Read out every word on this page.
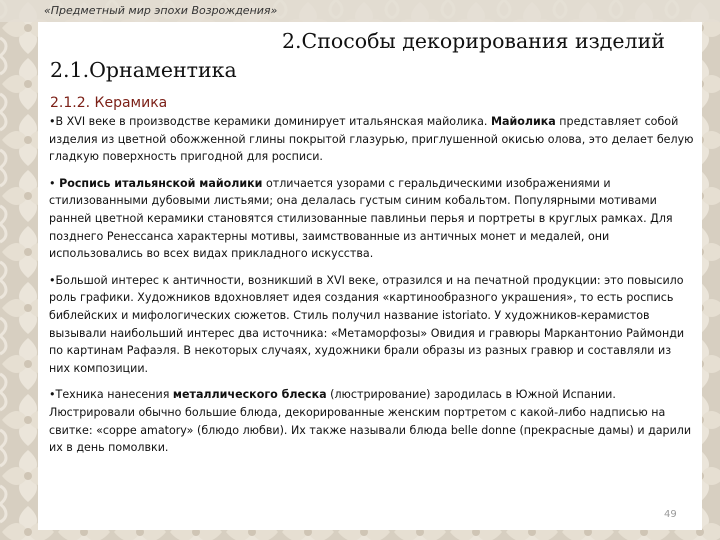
«Предметный мир эпохи Возрождения»
2.Способы декорирования изделий
2.1.Орнаментика
2.1.2. Керамика

•В XVI веке в производстве керамики доминирует итальянская майолика. Майолика представляет собой изделия из цветной обожженной глины покрытой глазурью, приглушенной окисью олова, это делает белую гладкую поверхность пригодной для росписи.

• Роспись итальянской майолики отличается узорами с геральдическими изображениями и стилизованными дубовыми листьями; она делалась густым синим кобальтом. Популярными мотивами ранней цветной керамики становятся стилизованные павлиньи перья и портреты в круглых рамках. Для позднего Ренессанса характерны мотивы, заимствованные из античных монет и медалей, они использовались во всех видах прикладного искусства.

•Большой интерес к античности, возникший в XVI веке, отразился и на печатной продукции: это повысило роль графики. Художников вдохновляет идея создания «картинообразного украшения», то есть роспись библейских и мифологических сюжетов. Стиль получил название istoriato. У художников-керамистов вызывали наибольший интерес два источника: «Метаморфозы» Овидия и гравюры Маркантонио Раймонди по картинам Рафаэля. В некоторых случаях, художники брали образы из разных гравюр и составляли из них композиции.

•Техника нанесения металлического блеска (люстрирование) зародилась в Южной Испании. Люстрировали обычно большие блюда, декорированные женским портретом с какой-либо надписью на свитке: «coppe amatory» (блюдо любви). Их также называли блюда belle donne (прекрасные дамы) и дарили их в день помолвки.

49
